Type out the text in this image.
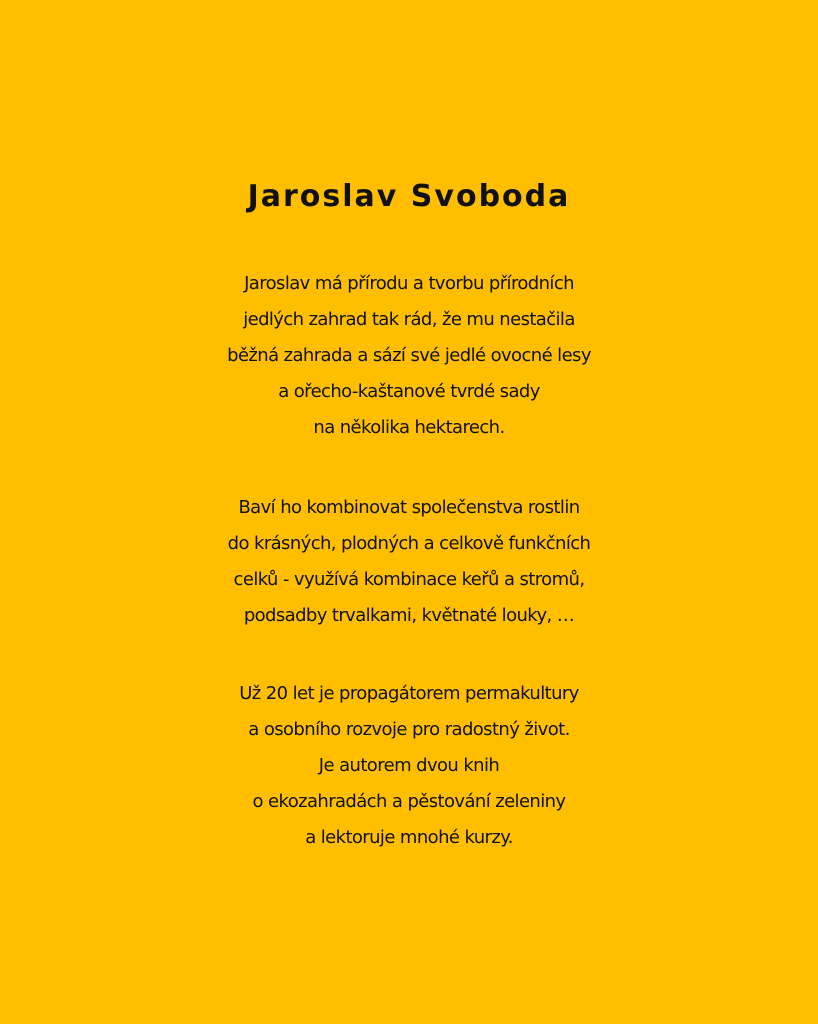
Jaroslav Svoboda

Jaroslav má přírodu a tvorbu přírodních
jedlých zahrad tak rád, že mu nestačila
běžná zahrada a sází své jedlé ovocné lesy
a ořecho-kaštanové tvrdé sady
na několika hektarech.

Baví ho kombinovat společenstva rostlin
do krásných, plodných a celkově funkčních
celků - využívá kombinace keřů a stromů,
podsadby trvalkami, květnaté louky, …

Už 20 let je propagátorem permakultury
a osobního rozvoje pro radostný život.
Je autorem dvou knih
o ekozahradách a pěstování zeleniny
a lektoruje mnohé kurzy.
